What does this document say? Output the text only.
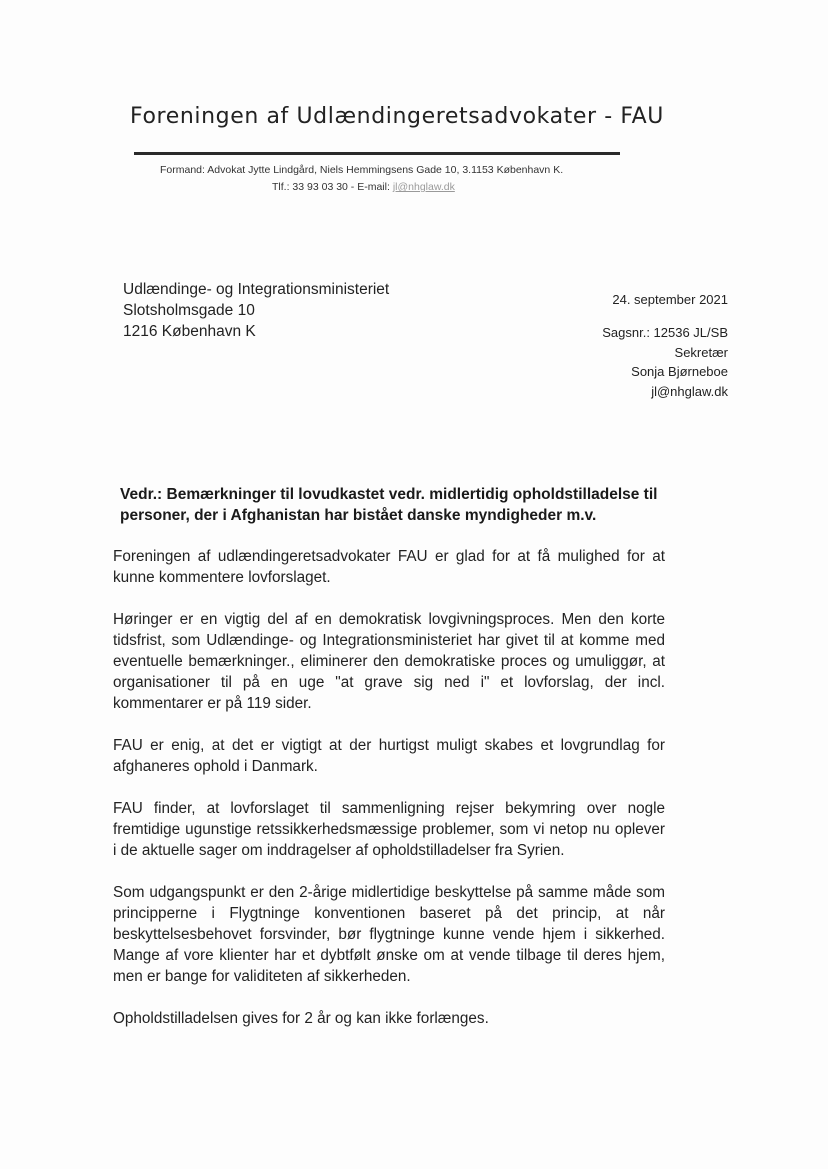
Foreningen af Udlændingeretsadvokater - FAU
Formand: Advokat Jytte Lindgård, Niels Hemmingsens Gade 10, 3.1153 København K.
Tlf.: 33 93 03 30 - E-mail: jl@nhglaw.dk
Udlændinge- og Integrationsministeriet
Slotsholmsgade 10
1216 København K
24. september 2021
Sagsnr.: 12536 JL/SB
Sekretær
Sonja Bjørneboe
jl@nhglaw.dk
Vedr.: Bemærkninger til lovudkastet vedr. midlertidig opholdstilladelse til personer, der i Afghanistan har bistået danske myndigheder m.v.

Foreningen af udlændingeretsadvokater FAU er glad for at få mulighed for at kunne kommentere lovforslaget.

Høringer er en vigtig del af en demokratisk lovgivningsproces. Men den korte tidsfrist, som Udlændinge- og Integrationsministeriet har givet til at komme med eventuelle bemærkninger., eliminerer den demokratiske proces og umuliggør, at organisationer til på en uge "at grave sig ned i" et lovforslag, der incl. kommentarer er på 119 sider.

FAU er enig, at det er vigtigt at der hurtigst muligt skabes et lovgrundlag for afghaneres ophold i Danmark.

FAU finder, at lovforslaget til sammenligning rejser bekymring over nogle fremtidige ugunstige retssikkerhedsmæssige problemer, som vi netop nu oplever i de aktuelle sager om inddragelser af opholdstilladelser fra Syrien.

Som udgangspunkt er den 2-årige midlertidige beskyttelse på samme måde som principperne i Flygtninge konventionen baseret på det princip, at når beskyttelsesbehovet forsvinder, bør flygtninge kunne vende hjem i sikkerhed. Mange af vore klienter har et dybtfølt ønske om at vende tilbage til deres hjem, men er bange for validiteten af sikkerheden.

Opholdstilladelsen gives for 2 år og kan ikke forlænges.
